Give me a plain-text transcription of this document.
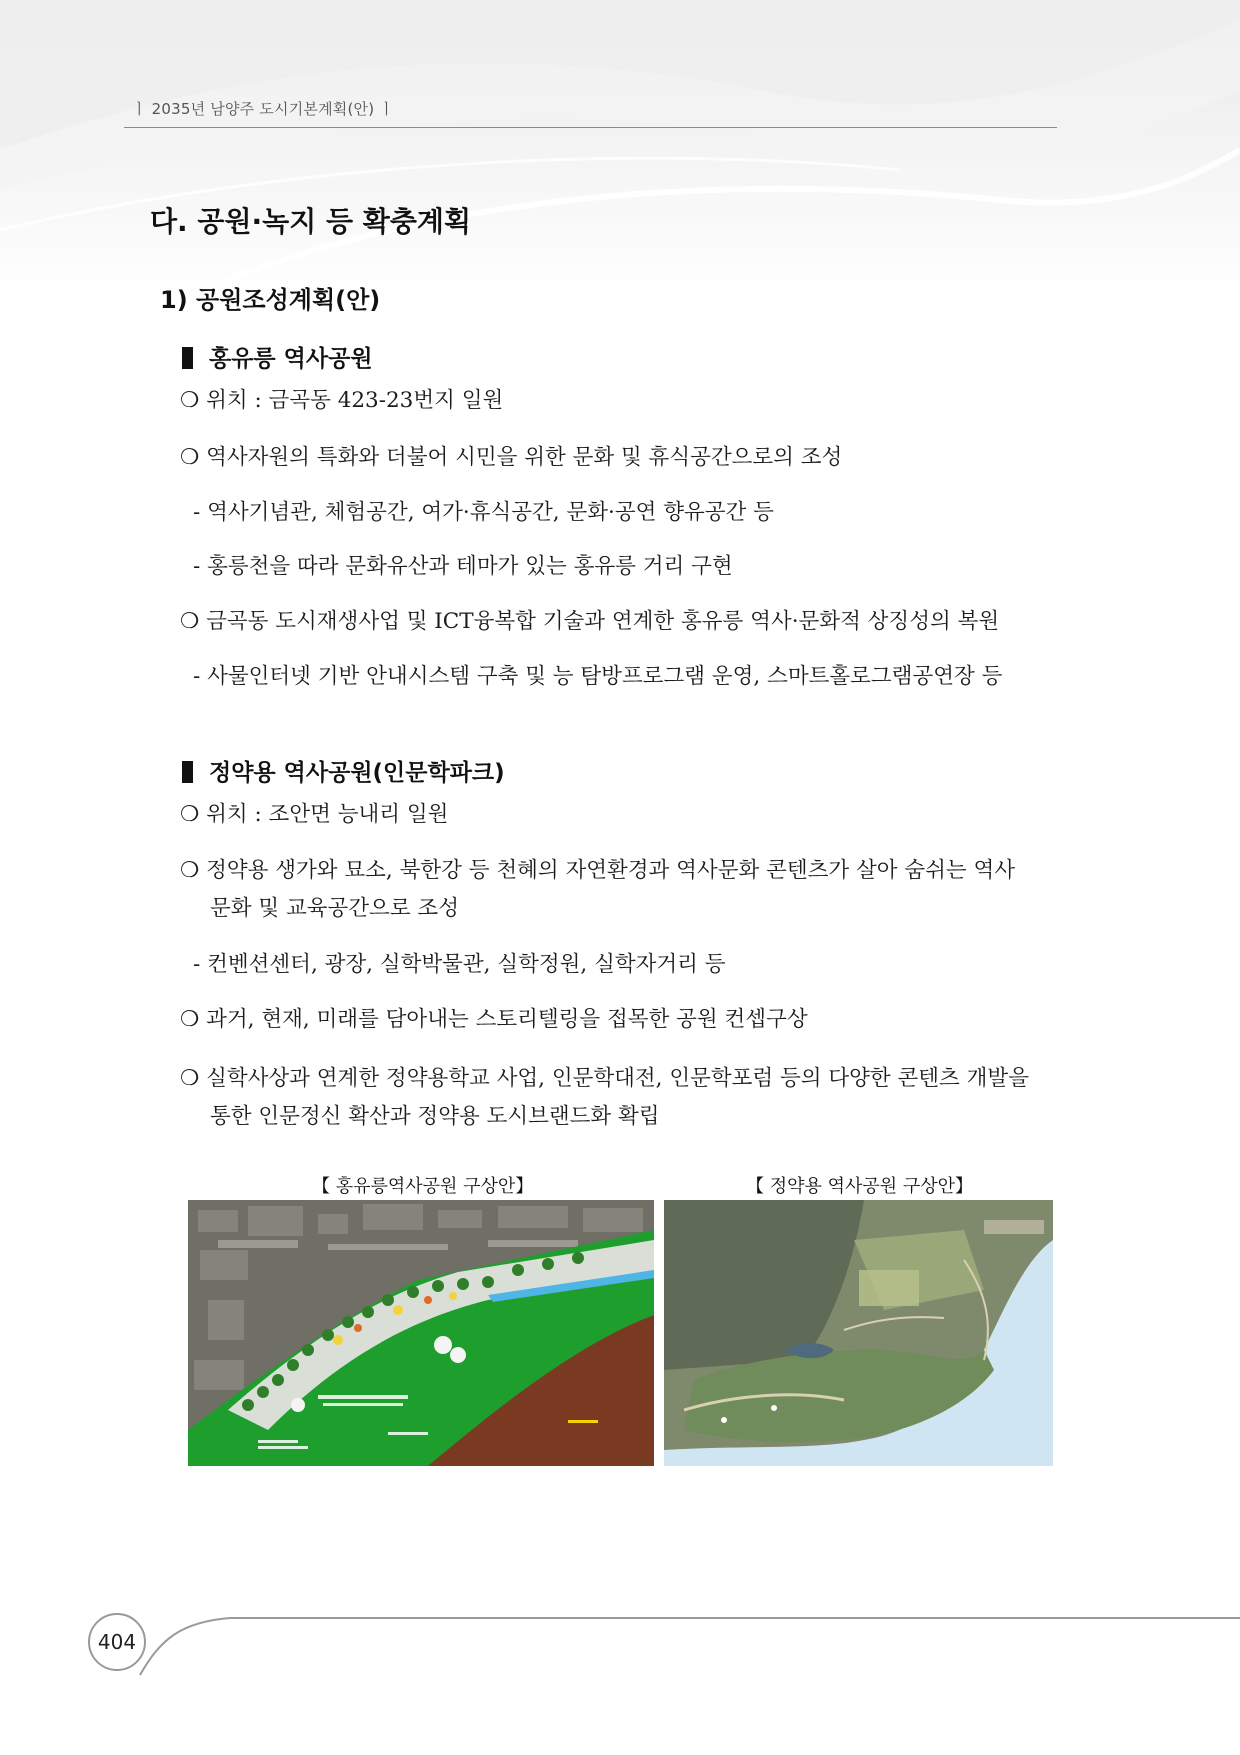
ㅣ 2035년 남양주 도시기본계획(안) ㅣ
다. 공원·녹지 등 확충계획
1) 공원조성계획(안)
홍유릉 역사공원
❍ 위치 : 금곡동 423-23번지 일원
❍ 역사자원의 특화와 더불어 시민을 위한 문화 및 휴식공간으로의 조성
- 역사기념관, 체험공간, 여가·휴식공간, 문화·공연 향유공간 등
- 홍릉천을 따라 문화유산과 테마가 있는 홍유릉 거리 구현
❍ 금곡동 도시재생사업 및 ICT융복합 기술과 연계한 홍유릉 역사·문화적 상징성의 복원
- 사물인터넷 기반 안내시스템 구축 및 능 탐방프로그램 운영, 스마트홀로그램공연장 등
정약용 역사공원(인문학파크)
❍ 위치 : 조안면 능내리 일원
❍ 정약용 생가와 묘소, 북한강 등 천혜의 자연환경과 역사문화 콘텐츠가 살아 숨쉬는 역사
문화 및 교육공간으로 조성
- 컨벤션센터, 광장, 실학박물관, 실학정원, 실학자거리 등
❍ 과거, 현재, 미래를 담아내는 스토리텔링을 접목한 공원 컨셉구상
❍ 실학사상과 연계한 정약용학교 사업, 인문학대전, 인문학포럼 등의 다양한 콘텐츠 개발을
통한 인문정신 확산과 정약용 도시브랜드화 확립
【 홍유릉역사공원 구상안】	【 정약용 역사공원 구상안】
404
